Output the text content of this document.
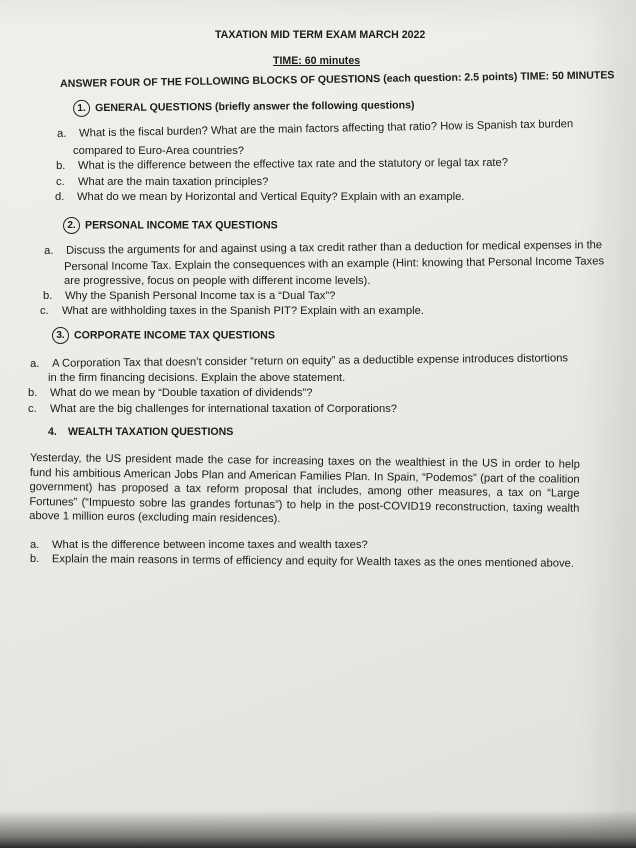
TAXATION MID TERM EXAM MARCH 2022
TIME: 60 minutes
ANSWER FOUR OF THE FOLLOWING BLOCKS OF QUESTIONS (each question: 2.5 points) TIME: 50 MINUTES
1. GENERAL QUESTIONS (briefly answer the following questions)
a. What is the fiscal burden? What are the main factors affecting that ratio? How is Spanish tax burden
compared to Euro-Area countries?
b. What is the difference between the effective tax rate and the statutory or legal tax rate?
c. What are the main taxation principles?
d. What do we mean by Horizontal and Vertical Equity? Explain with an example.
2. PERSONAL INCOME TAX QUESTIONS
a. Discuss the arguments for and against using a tax credit rather than a deduction for medical expenses in the
Personal Income Tax. Explain the consequences with an example (Hint: knowing that Personal Income Taxes
are progressive, focus on people with different income levels).
b. Why the Spanish Personal Income tax is a “Dual Tax”?
c. What are withholding taxes in the Spanish PIT? Explain with an example.
3. CORPORATE INCOME TAX QUESTIONS
a. A Corporation Tax that doesn’t consider “return on equity” as a deductible expense introduces distortions
in the firm financing decisions. Explain the above statement.
b. What do we mean by “Double taxation of dividends”?
c. What are the big challenges for international taxation of Corporations?
4. WEALTH TAXATION QUESTIONS
Yesterday, the US president made the case for increasing taxes on the wealthiest in the US in order to help fund his ambitious American Jobs Plan and American Families Plan. In Spain, “Podemos” (part of the coalition government) has proposed a tax reform proposal that includes, among other measures, a tax on “Large Fortunes” (“Impuesto sobre las grandes fortunas”) to help in the post-COVID19 reconstruction, taxing wealth above 1 million euros (excluding main residences).
a. What is the difference between income taxes and wealth taxes?
b. Explain the main reasons in terms of efficiency and equity for Wealth taxes as the ones mentioned above.
